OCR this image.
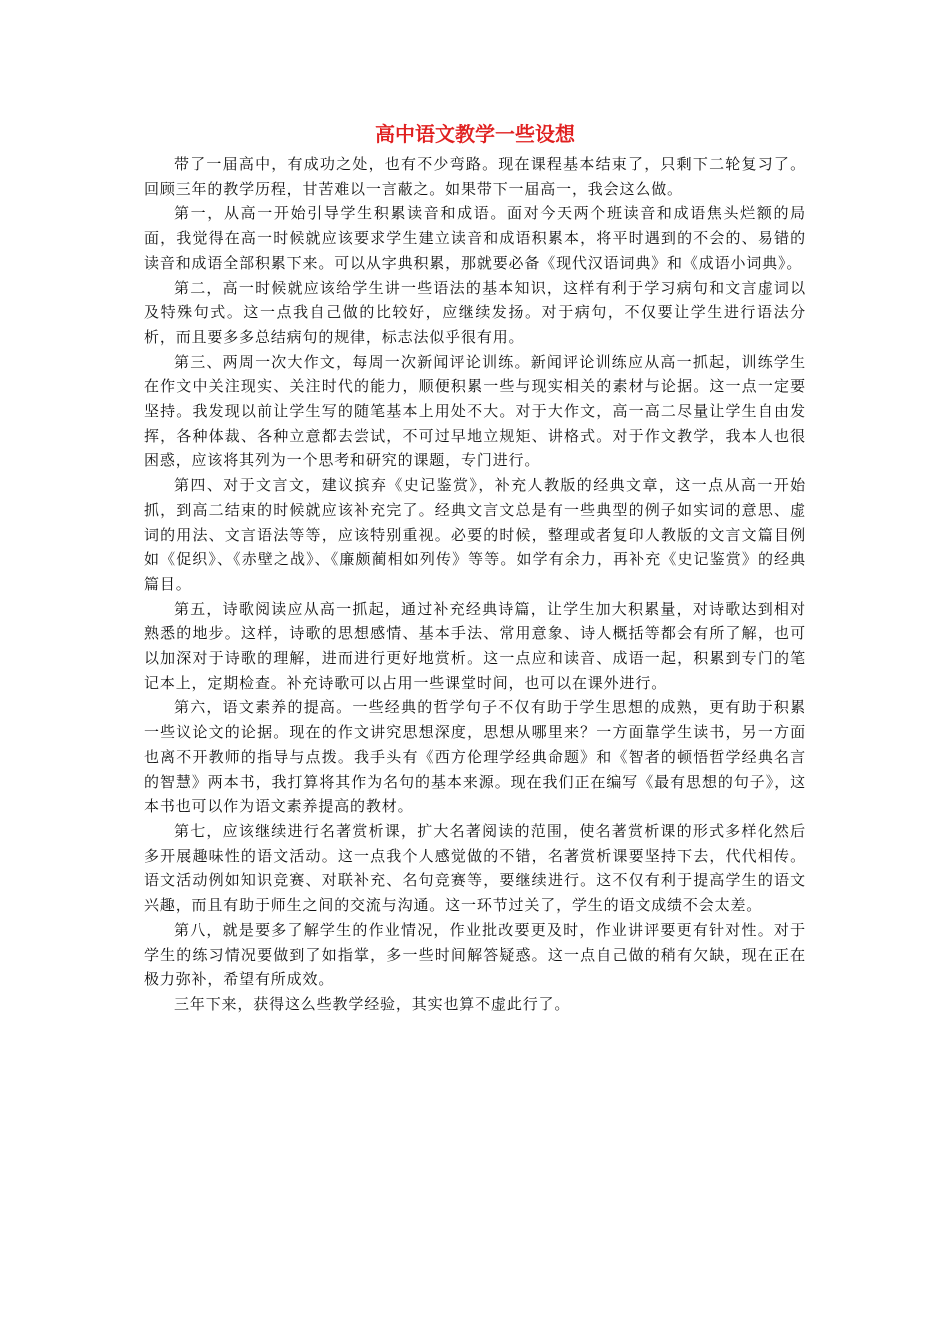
高中语文教学一些设想

带了一届高中，有成功之处，也有不少弯路。现在课程基本结束了，只剩下二轮复习了。回顾三年的教学历程，甘苦难以一言蔽之。如果带下一届高一，我会这么做。

第一，从高一开始引导学生积累读音和成语。面对今天两个班读音和成语焦头烂额的局面，我觉得在高一时候就应该要求学生建立读音和成语积累本，将平时遇到的不会的、易错的读音和成语全部积累下来。可以从字典积累，那就要必备《现代汉语词典》和《成语小词典》。

第二，高一时候就应该给学生讲一些语法的基本知识，这样有利于学习病句和文言虚词以及特殊句式。这一点我自己做的比较好，应继续发扬。对于病句，不仅要让学生进行语法分析，而且要多多总结病句的规律，标志法似乎很有用。

第三、两周一次大作文，每周一次新闻评论训练。新闻评论训练应从高一抓起，训练学生在作文中关注现实、关注时代的能力，顺便积累一些与现实相关的素材与论据。这一点一定要坚持。我发现以前让学生写的随笔基本上用处不大。对于大作文，高一高二尽量让学生自由发挥，各种体裁、各种立意都去尝试，不可过早地立规矩、讲格式。对于作文教学，我本人也很困惑，应该将其列为一个思考和研究的课题，专门进行。

第四、对于文言文，建议摈弃《史记鉴赏》，补充人教版的经典文章，这一点从高一开始抓，到高二结束的时候就应该补充完了。经典文言文总是有一些典型的例子如实词的意思、虚词的用法、文言语法等等，应该特别重视。必要的时候，整理或者复印人教版的文言文篇目例如《促织》、《赤壁之战》、《廉颇蔺相如列传》等等。如学有余力，再补充《史记鉴赏》的经典篇目。

第五，诗歌阅读应从高一抓起，通过补充经典诗篇，让学生加大积累量，对诗歌达到相对熟悉的地步。这样，诗歌的思想感情、基本手法、常用意象、诗人概括等都会有所了解，也可以加深对于诗歌的理解，进而进行更好地赏析。这一点应和读音、成语一起，积累到专门的笔记本上，定期检查。补充诗歌可以占用一些课堂时间，也可以在课外进行。

第六，语文素养的提高。一些经典的哲学句子不仅有助于学生思想的成熟，更有助于积累一些议论文的论据。现在的作文讲究思想深度，思想从哪里来？一方面靠学生读书，另一方面也离不开教师的指导与点拨。我手头有《西方伦理学经典命题》和《智者的顿悟哲学经典名言的智慧》两本书，我打算将其作为名句的基本来源。现在我们正在编写《最有思想的句子》，这本书也可以作为语文素养提高的教材。

第七，应该继续进行名著赏析课，扩大名著阅读的范围，使名著赏析课的形式多样化然后多开展趣味性的语文活动。这一点我个人感觉做的不错，名著赏析课要坚持下去，代代相传。语文活动例如知识竞赛、对联补充、名句竞赛等，要继续进行。这不仅有利于提高学生的语文兴趣，而且有助于师生之间的交流与沟通。这一环节过关了，学生的语文成绩不会太差。

第八，就是要多了解学生的作业情况，作业批改要更及时，作业讲评要更有针对性。对于学生的练习情况要做到了如指掌，多一些时间解答疑惑。这一点自己做的稍有欠缺，现在正在极力弥补，希望有所成效。

三年下来，获得这么些教学经验，其实也算不虚此行了。
